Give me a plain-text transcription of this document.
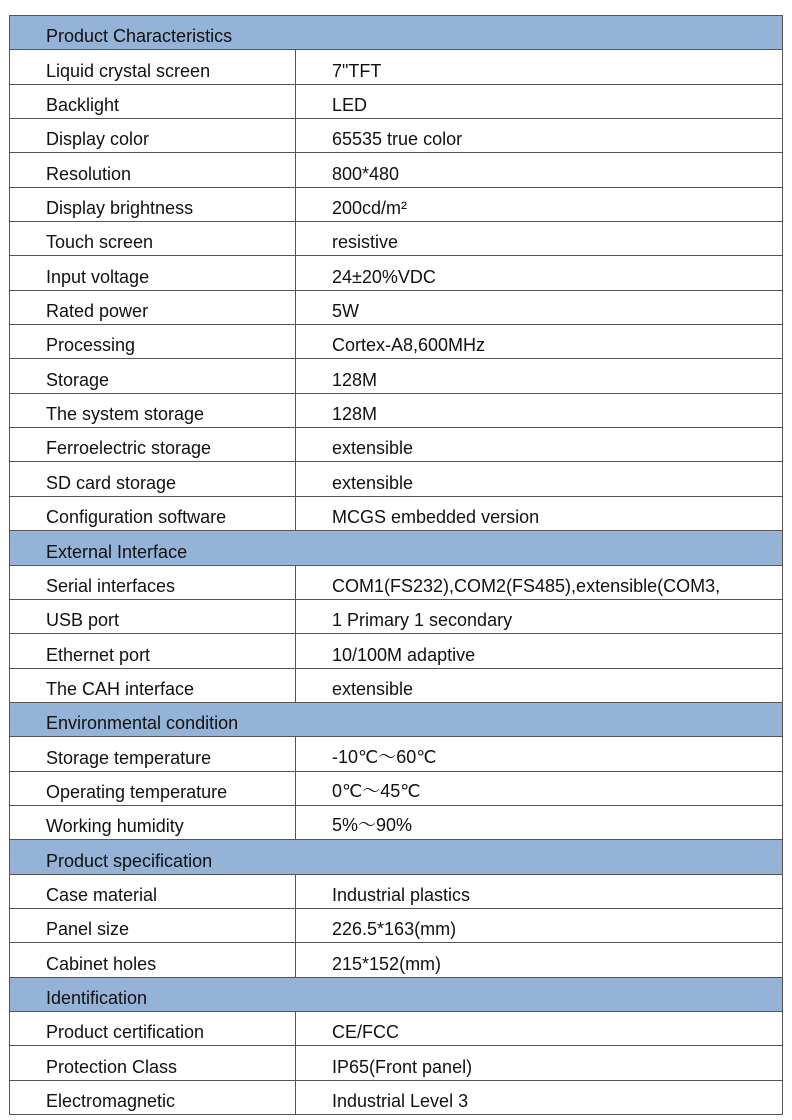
Product Characteristics	
Liquid crystal screen	7"TFT
Backlight	LED
Display color	65535 true color
Resolution	800*480
Display brightness	200cd/m²
Touch screen	resistive
Input voltage	24±20%VDC
Rated power	5W
Processing	Cortex-A8,600MHz
Storage	128M
The system storage	128M
Ferroelectric storage	extensible
SD card storage	extensible
Configuration software	MCGS embedded version
External Interface	
Serial interfaces	COM1(FS232),COM2(FS485),extensible(COM3,
USB port	1 Primary 1 secondary
Ethernet port	10/100M adaptive
The CAH interface	extensible
Environmental condition	
Storage temperature	-10℃～60℃
Operating temperature	0℃～45℃
Working humidity	5%～90%
Product specification	
Case material	Industrial plastics
Panel size	226.5*163(mm)
Cabinet holes	215*152(mm)
Identification	
Product certification	CE/FCC
Protection Class	IP65(Front panel)
Electromagnetic	Industrial Level 3
